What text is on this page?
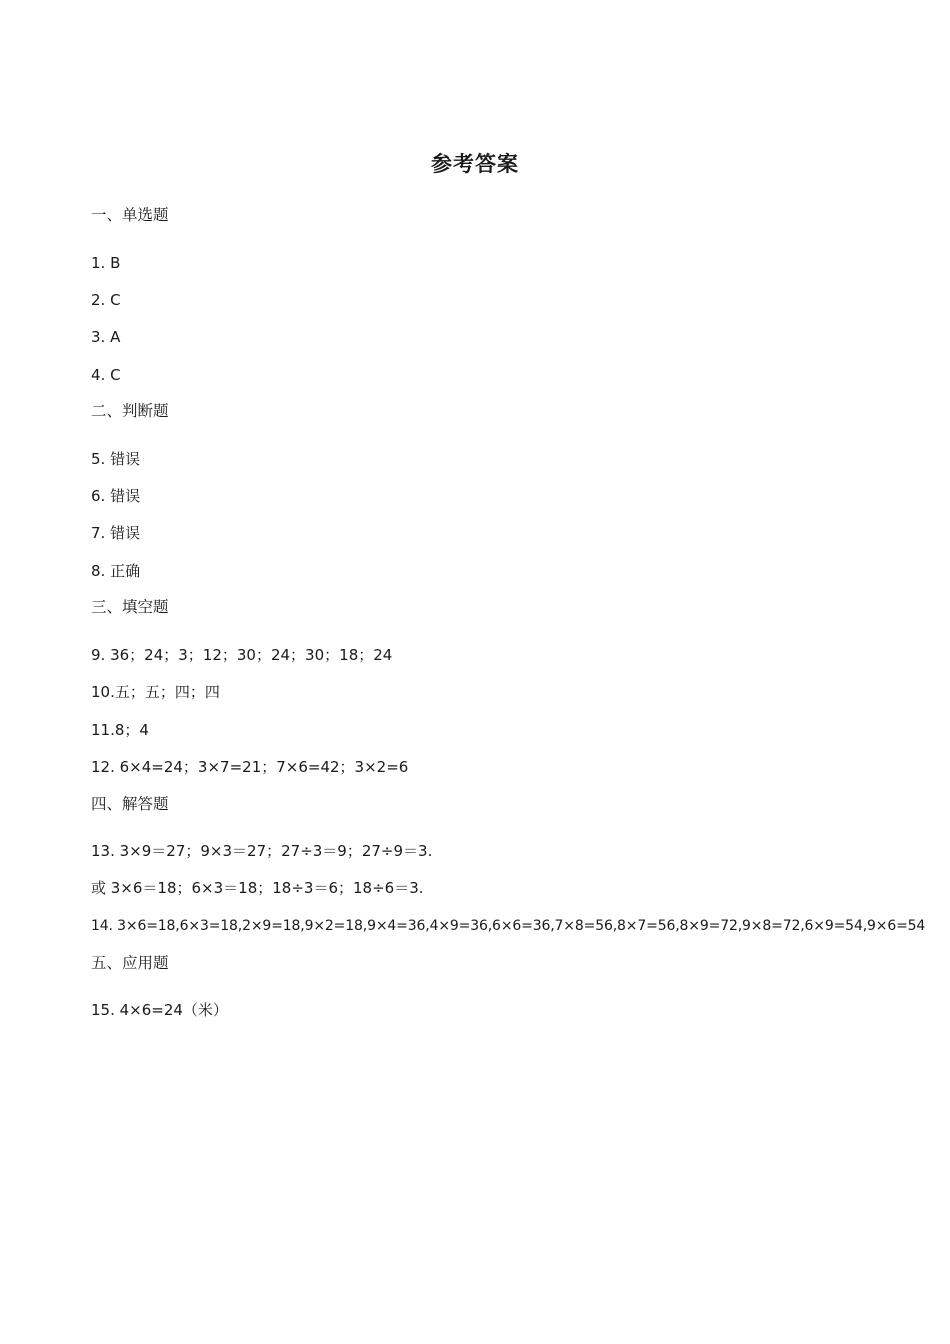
参考答案
一、单选题
1. B
2. C
3. A
4. C
二、判断题
5. 错误
6. 错误
7. 错误
8. 正确
三、填空题
9. 36；24；3；12；30；24；30；18；24
10.五；五；四；四
11.8；4
12. 6×4=24；3×7=21；7×6=42；3×2=6
四、解答题
13. 3×9＝27；9×3＝27；27÷3＝9；27÷9＝3.
或 3×6＝18；6×3＝18；18÷3＝6；18÷6＝3.
14. 3×6=18,6×3=18,2×9=18,9×2=18,9×4=36,4×9=36,6×6=36,7×8=56,8×7=56,8×9=72,9×8=72,6×9=54,9×6=54
五、应用题
15. 4×6=24（米）
